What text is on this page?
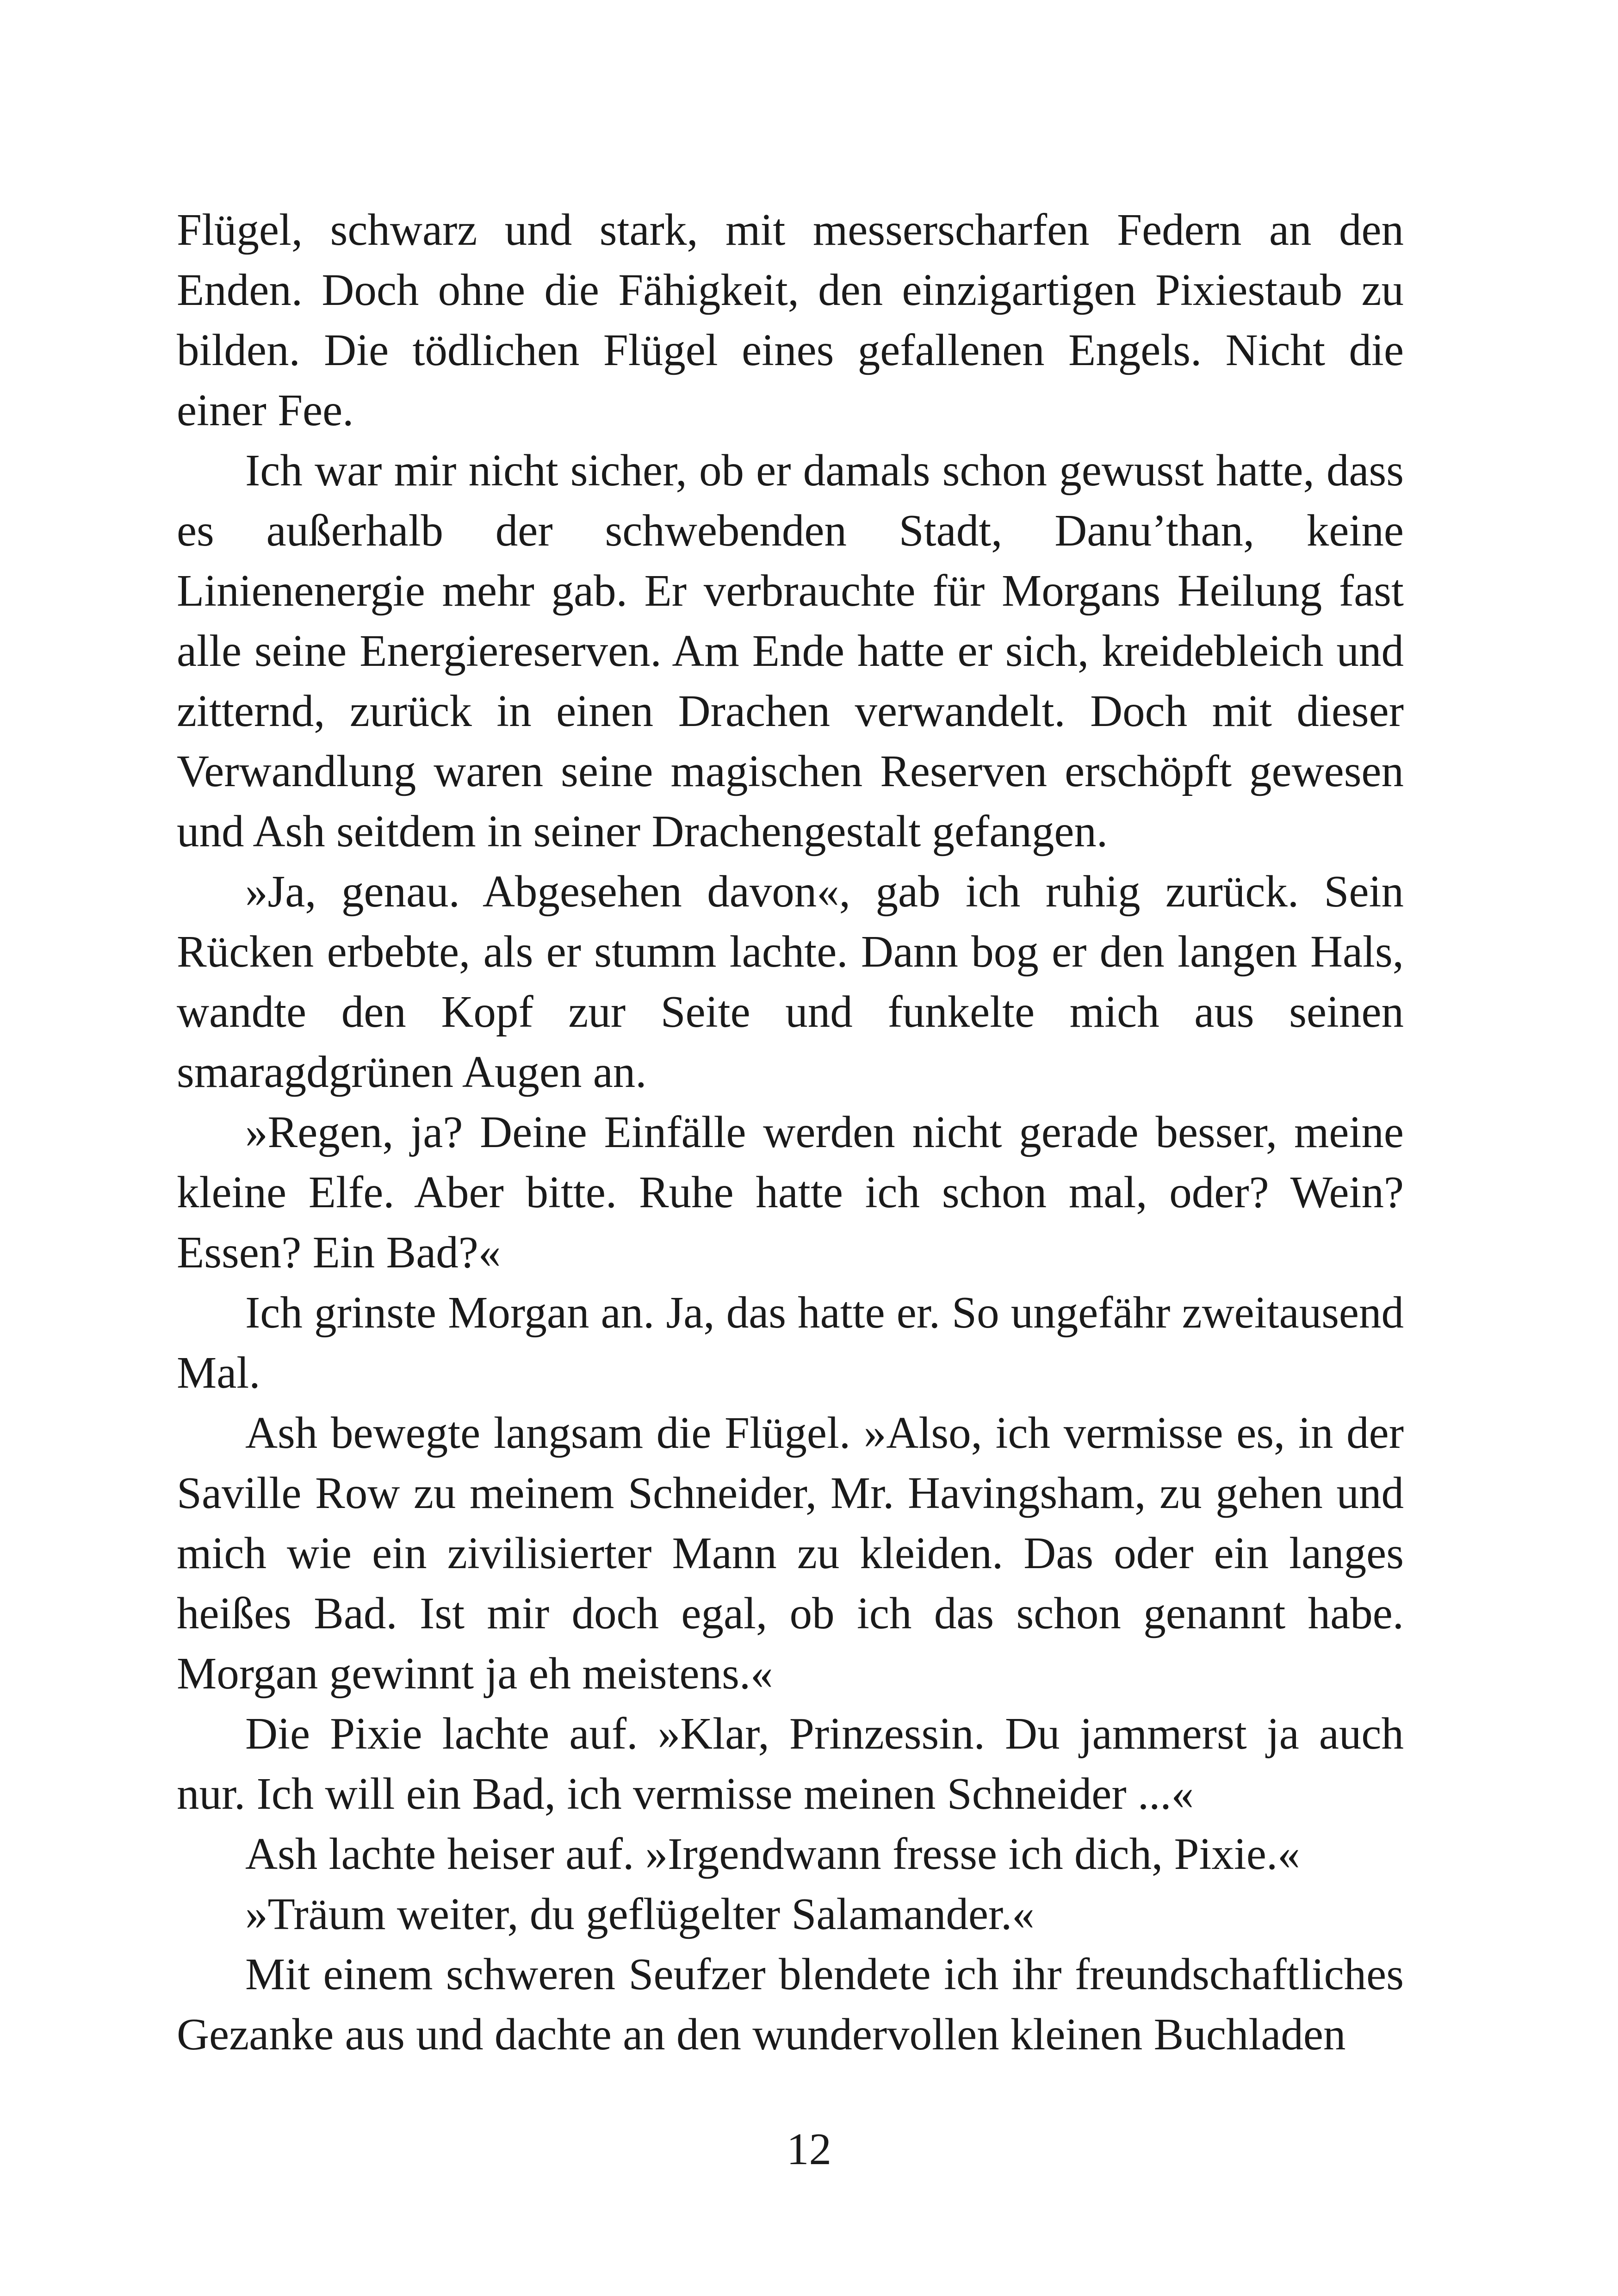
Flügel, schwarz und stark, mit messerscharfen Federn an den Enden. Doch ohne die Fähigkeit, den einzigartigen Pixiestaub zu bilden. Die tödlichen Flügel eines gefallenen Engels. Nicht die einer Fee.

Ich war mir nicht sicher, ob er damals schon gewusst hatte, dass es außerhalb der schwebenden Stadt, Danu’than, keine Linienenergie mehr gab. Er verbrauchte für Morgans Heilung fast alle seine Energiereserven. Am Ende hatte er sich, kreidebleich und zitternd, zurück in einen Drachen verwandelt. Doch mit dieser Verwandlung waren seine magischen Reserven erschöpft gewesen und Ash seitdem in seiner Drachengestalt gefangen.

»Ja, genau. Abgesehen davon«, gab ich ruhig zurück. Sein Rücken erbebte, als er stumm lachte. Dann bog er den langen Hals, wandte den Kopf zur Seite und funkelte mich aus seinen smaragdgrünen Augen an.

»Regen, ja? Deine Einfälle werden nicht gerade besser, meine kleine Elfe. Aber bitte. Ruhe hatte ich schon mal, oder? Wein? Essen? Ein Bad?«

Ich grinste Morgan an. Ja, das hatte er. So ungefähr zweitausend Mal.

Ash bewegte langsam die Flügel. »Also, ich vermisse es, in der Saville Row zu meinem Schneider, Mr. Havingsham, zu gehen und mich wie ein zivilisierter Mann zu kleiden. Das oder ein langes heißes Bad. Ist mir doch egal, ob ich das schon genannt habe. Morgan gewinnt ja eh meistens.«

Die Pixie lachte auf. »Klar, Prinzessin. Du jammerst ja auch nur. Ich will ein Bad, ich vermisse meinen Schneider ...«

Ash lachte heiser auf. »Irgendwann fresse ich dich, Pixie.«

»Träum weiter, du geflügelter Salamander.«

Mit einem schweren Seufzer blendete ich ihr freundschaftliches Gezanke aus und dachte an den wundervollen kleinen Buchladen

12
